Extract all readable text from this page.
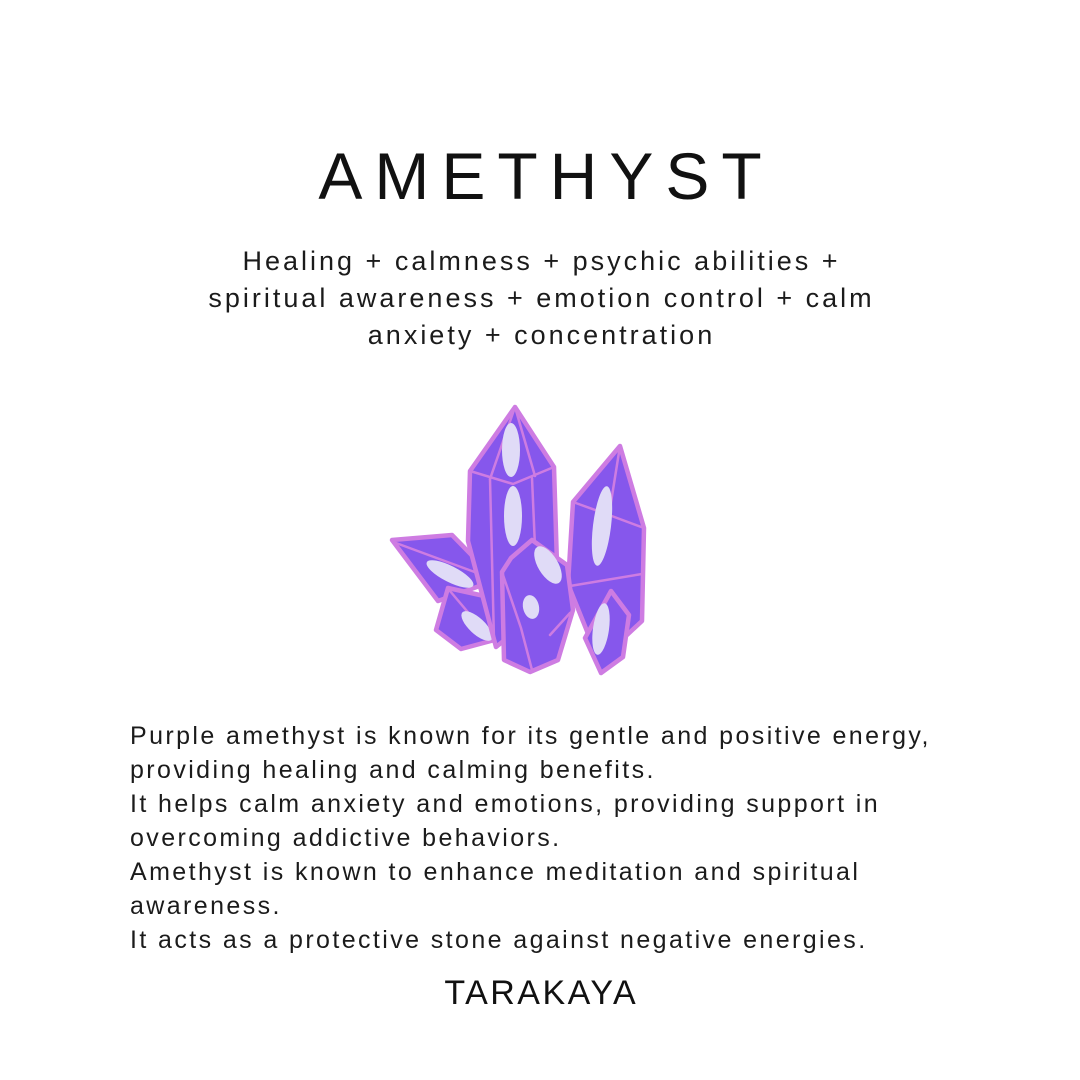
AMETHYST
Healing + calmness + psychic abilities +
spiritual awareness + emotion control + calm
anxiety + concentration
Purple amethyst is known for its gentle and positive energy,
providing healing and calming benefits.
It helps calm anxiety and emotions, providing support in
overcoming addictive behaviors.
Amethyst is known to enhance meditation and spiritual
awareness.
It acts as a protective stone against negative energies.
TARAKAYA
